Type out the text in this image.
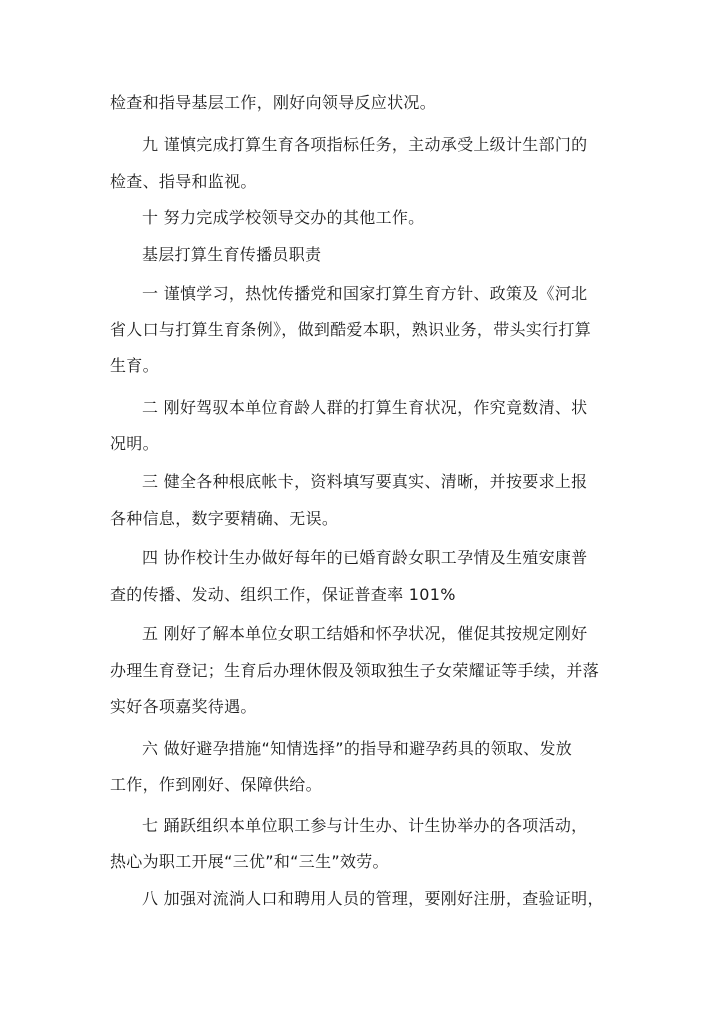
检查和指导基层工作，刚好向领导反应状况。
九 谨慎完成打算生育各项指标任务，主动承受上级计生部门的
检查、指导和监视。
十 努力完成学校领导交办的其他工作。
基层打算生育传播员职责
一 谨慎学习，热忱传播党和国家打算生育方针、政策及《河北
省人口与打算生育条例》，做到酷爱本职，熟识业务，带头实行打算
生育。
二 刚好驾驭本单位育龄人群的打算生育状况，作究竟数清、状
况明。
三 健全各种根底帐卡，资料填写要真实、清晰，并按要求上报
各种信息，数字要精确、无误。
四 协作校计生办做好每年的已婚育龄女职工孕情及生殖安康普
查的传播、发动、组织工作，保证普查率 101%
五 刚好了解本单位女职工结婚和怀孕状况，催促其按规定刚好
办理生育登记；生育后办理休假及领取独生子女荣耀证等手续，并落
实好各项嘉奖待遇。
六 做好避孕措施“知情选择”的指导和避孕药具的领取、发放
工作，作到刚好、保障供给。
七 踊跃组织本单位职工参与计生办、计生协举办的各项活动，
热心为职工开展“三优”和“三生”效劳。
八 加强对流淌人口和聘用人员的管理，要刚好注册，查验证明，
